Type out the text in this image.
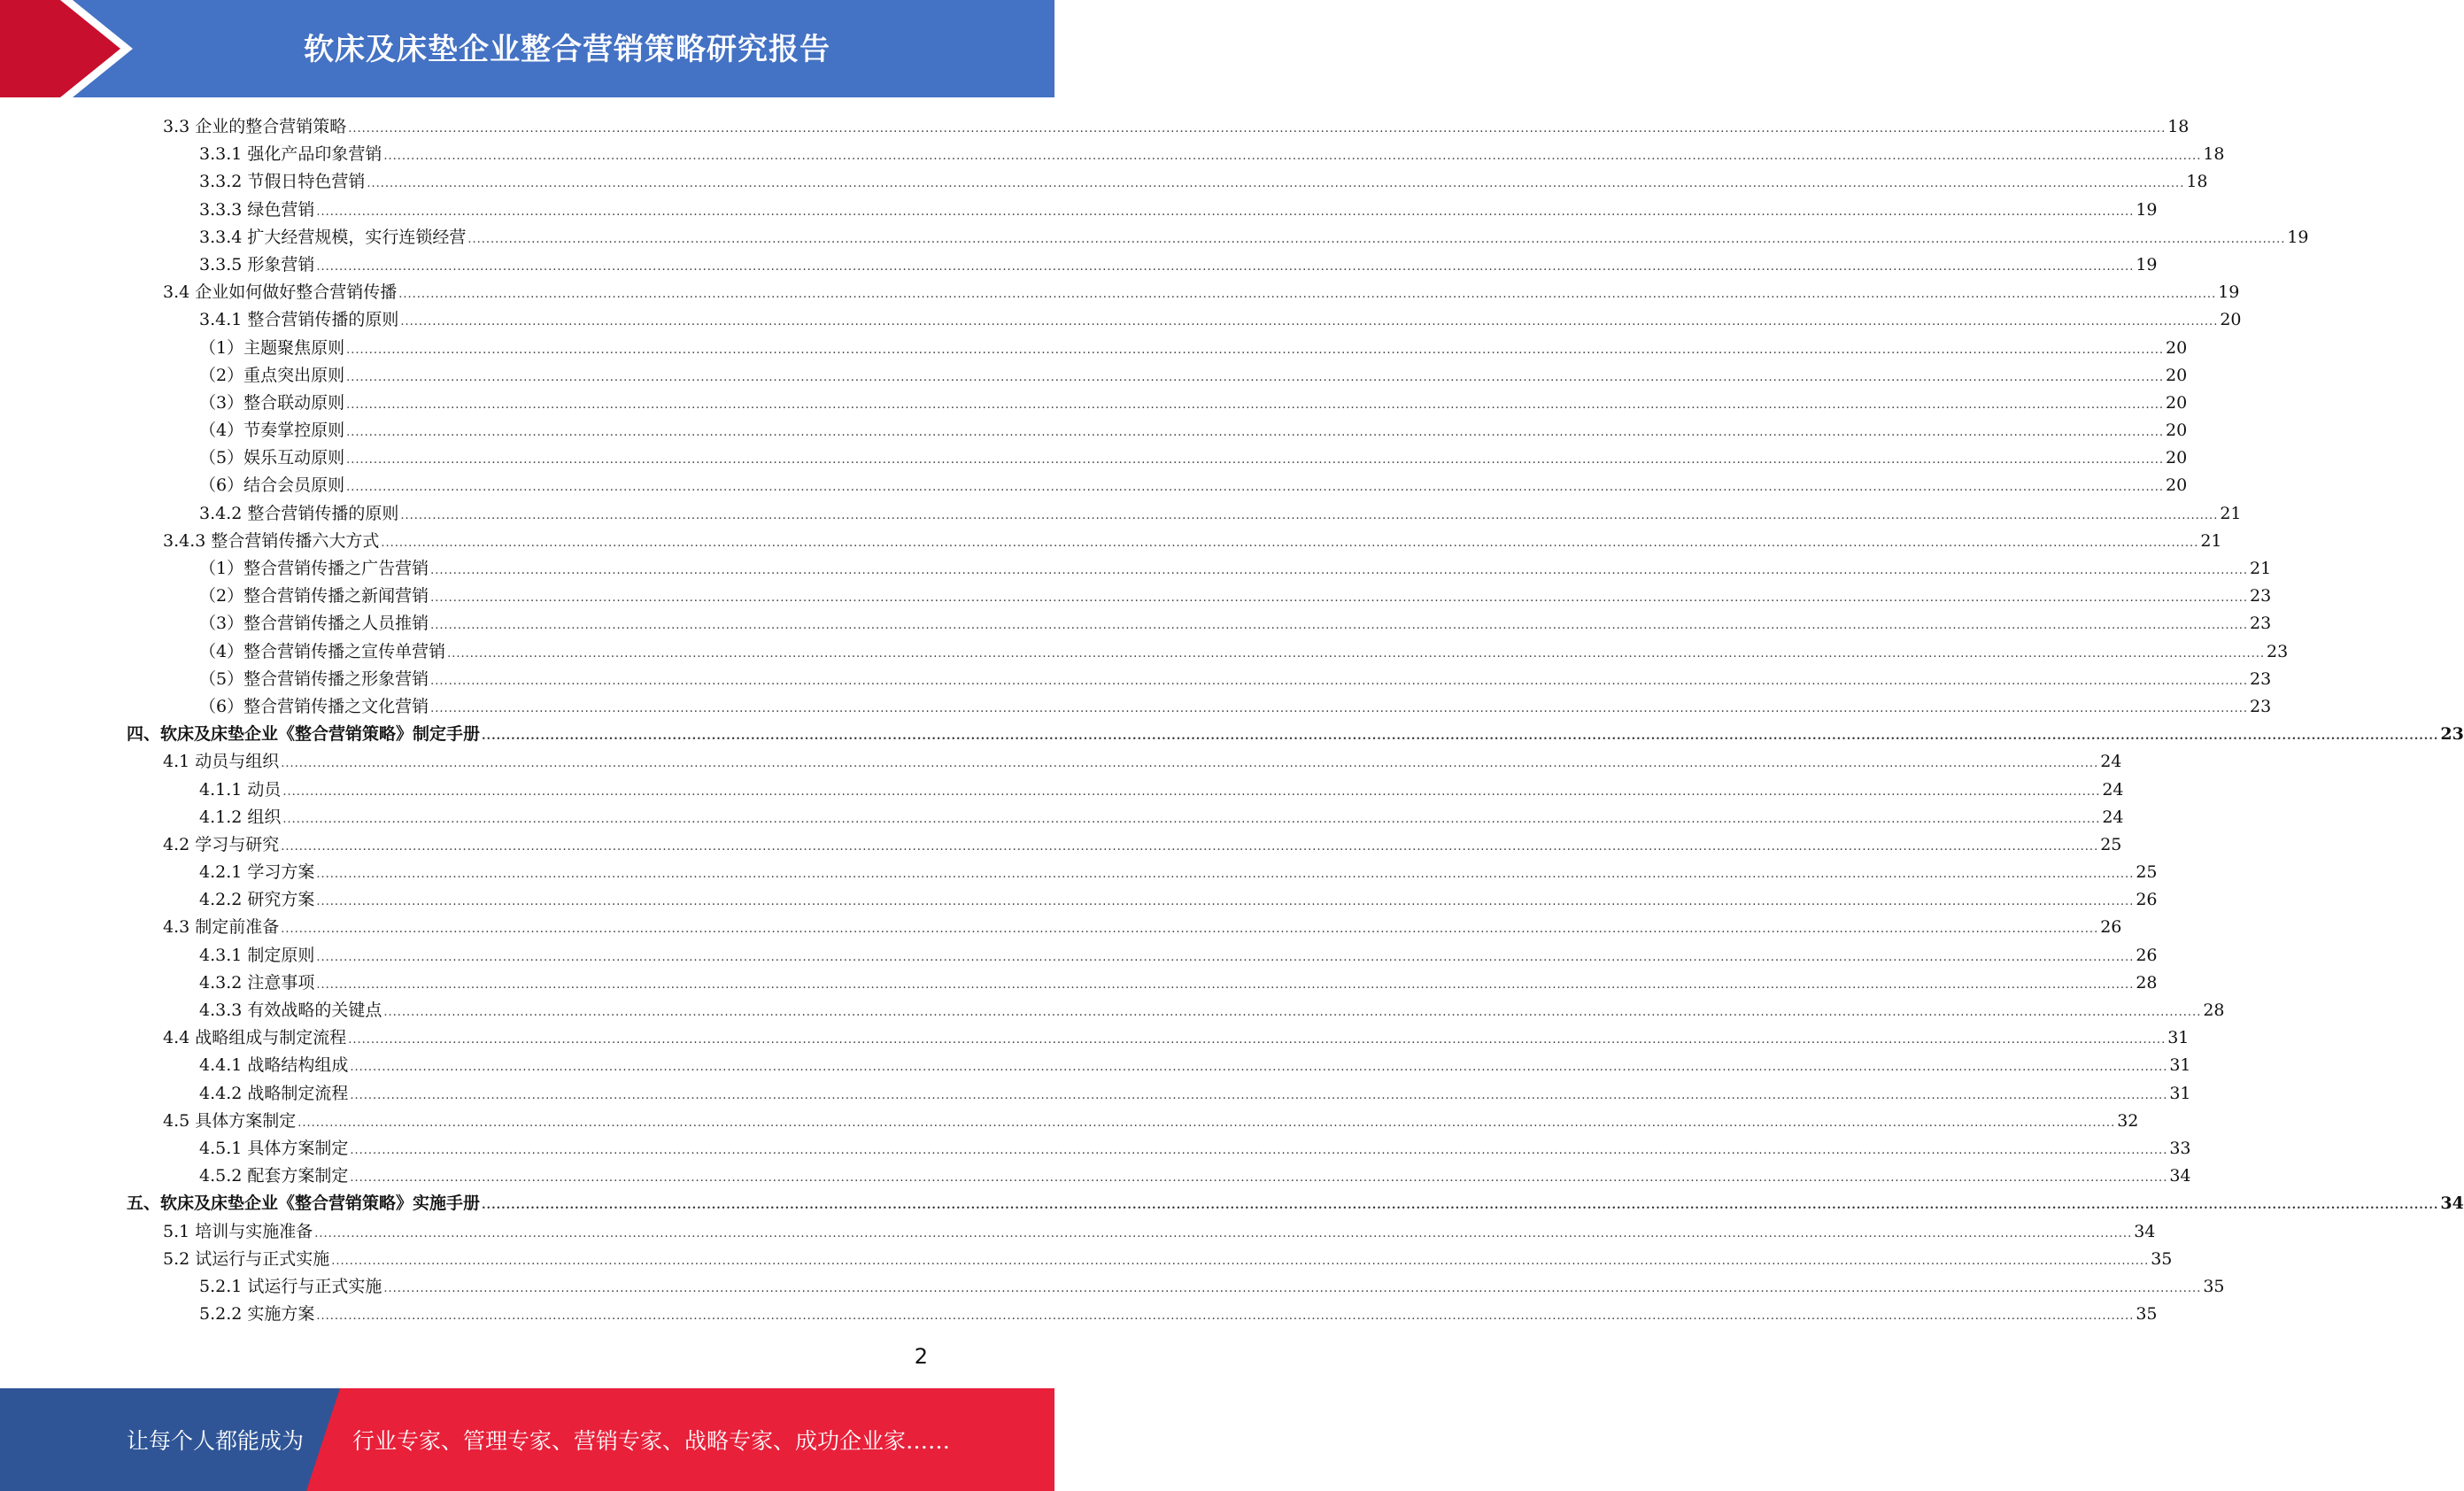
软床及床垫企业整合营销策略研究报告
3.3 企业的整合营销策略 ................................................................................................................................................................................................................................................................................................................................................................................................................ 18
3.3.1 强化产品印象营销 ................................................................................................................................................................................................................................................................................................................................................................................................................ 18
3.3.2 节假日特色营销 ................................................................................................................................................................................................................................................................................................................................................................................................................ 18
3.3.3 绿色营销 ................................................................................................................................................................................................................................................................................................................................................................................................................ 19
3.3.4 扩大经营规模，实行连锁经营 ................................................................................................................................................................................................................................................................................................................................................................................................................ 19
3.3.5 形象营销 ................................................................................................................................................................................................................................................................................................................................................................................................................ 19
3.4 企业如何做好整合营销传播 ................................................................................................................................................................................................................................................................................................................................................................................................................ 19
3.4.1 整合营销传播的原则 ................................................................................................................................................................................................................................................................................................................................................................................................................ 20
（1）主题聚焦原则 ................................................................................................................................................................................................................................................................................................................................................................................................................ 20
（2）重点突出原则 ................................................................................................................................................................................................................................................................................................................................................................................................................ 20
（3）整合联动原则 ................................................................................................................................................................................................................................................................................................................................................................................................................ 20
（4）节奏掌控原则 ................................................................................................................................................................................................................................................................................................................................................................................................................ 20
（5）娱乐互动原则 ................................................................................................................................................................................................................................................................................................................................................................................................................ 20
（6）结合会员原则 ................................................................................................................................................................................................................................................................................................................................................................................................................ 20
3.4.2 整合营销传播的原则 ................................................................................................................................................................................................................................................................................................................................................................................................................ 21
3.4.3 整合营销传播六大方式 ................................................................................................................................................................................................................................................................................................................................................................................................................ 21
（1）整合营销传播之广告营销 ................................................................................................................................................................................................................................................................................................................................................................................................................ 21
（2）整合营销传播之新闻营销 ................................................................................................................................................................................................................................................................................................................................................................................................................ 23
（3）整合营销传播之人员推销 ................................................................................................................................................................................................................................................................................................................................................................................................................ 23
（4）整合营销传播之宣传单营销 ................................................................................................................................................................................................................................................................................................................................................................................................................ 23
（5）整合营销传播之形象营销 ................................................................................................................................................................................................................................................................................................................................................................................................................ 23
（6）整合营销传播之文化营销 ................................................................................................................................................................................................................................................................................................................................................................................................................ 23
四、软床及床垫企业《整合营销策略》制定手册 ................................................................................................................................................................................................................................................................................................................................................................................................................ 23
4.1 动员与组织 ................................................................................................................................................................................................................................................................................................................................................................................................................ 24
4.1.1 动员 ................................................................................................................................................................................................................................................................................................................................................................................................................ 24
4.1.2 组织 ................................................................................................................................................................................................................................................................................................................................................................................................................ 24
4.2 学习与研究 ................................................................................................................................................................................................................................................................................................................................................................................................................ 25
4.2.1 学习方案 ................................................................................................................................................................................................................................................................................................................................................................................................................ 25
4.2.2 研究方案 ................................................................................................................................................................................................................................................................................................................................................................................................................ 26
4.3 制定前准备 ................................................................................................................................................................................................................................................................................................................................................................................................................ 26
4.3.1 制定原则 ................................................................................................................................................................................................................................................................................................................................................................................................................ 26
4.3.2 注意事项 ................................................................................................................................................................................................................................................................................................................................................................................................................ 28
4.3.3 有效战略的关键点 ................................................................................................................................................................................................................................................................................................................................................................................................................ 28
4.4 战略组成与制定流程 ................................................................................................................................................................................................................................................................................................................................................................................................................ 31
4.4.1 战略结构组成 ................................................................................................................................................................................................................................................................................................................................................................................................................ 31
4.4.2 战略制定流程 ................................................................................................................................................................................................................................................................................................................................................................................................................ 31
4.5 具体方案制定 ................................................................................................................................................................................................................................................................................................................................................................................................................ 32
4.5.1 具体方案制定 ................................................................................................................................................................................................................................................................................................................................................................................................................ 33
4.5.2 配套方案制定 ................................................................................................................................................................................................................................................................................................................................................................................................................ 34
五、软床及床垫企业《整合营销策略》实施手册 ................................................................................................................................................................................................................................................................................................................................................................................................................ 34
5.1 培训与实施准备 ................................................................................................................................................................................................................................................................................................................................................................................................................ 34
5.2 试运行与正式实施 ................................................................................................................................................................................................................................................................................................................................................................................................................ 35
5.2.1 试运行与正式实施 ................................................................................................................................................................................................................................................................................................................................................................................................................ 35
5.2.2 实施方案 ................................................................................................................................................................................................................................................................................................................................................................................................................ 35
2
让每个人都能成为 行业专家、管理专家、营销专家、战略专家、成功企业家……
